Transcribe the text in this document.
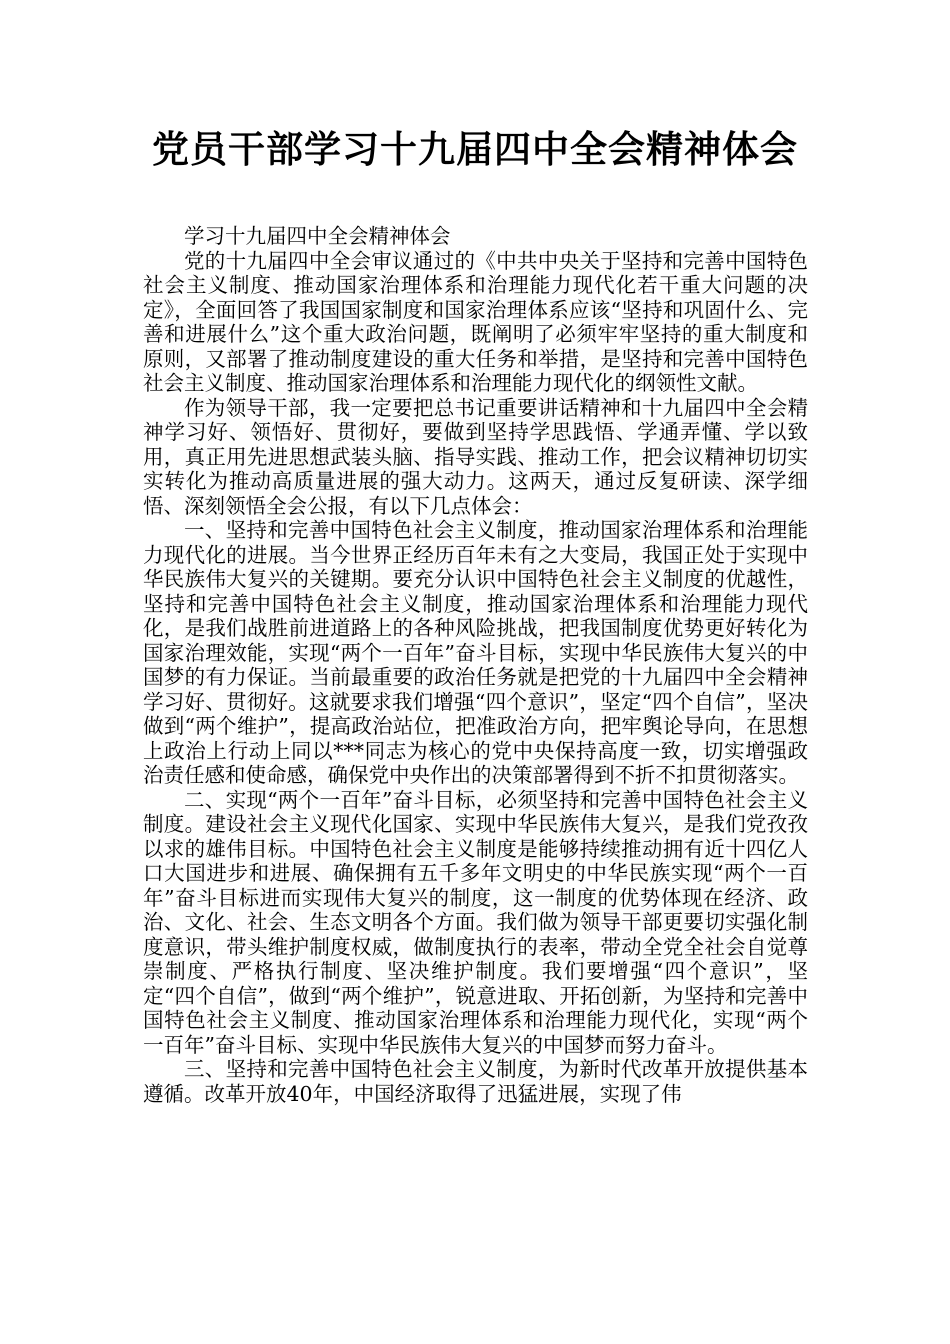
党员干部学习十九届四中全会精神体会

学习十九届四中全会精神体会

党的十九届四中全会审议通过的《中共中央关于坚持和完善中国特色社会主义制度、推动国家治理体系和治理能力现代化若干重大问题的决定》，全面回答了我国国家制度和国家治理体系应该“坚持和巩固什么、完善和进展什么”这个重大政治问题，既阐明了必须牢牢坚持的重大制度和原则，又部署了推动制度建设的重大任务和举措，是坚持和完善中国特色社会主义制度、推动国家治理体系和治理能力现代化的纲领性文献。

作为领导干部，我一定要把总书记重要讲话精神和十九届四中全会精神学习好、领悟好、贯彻好，要做到坚持学思践悟、学通弄懂、学以致用，真正用先进思想武装头脑、指导实践、推动工作，把会议精神切切实实转化为推动高质量进展的强大动力。这两天，通过反复研读、深学细悟、深刻领悟全会公报，有以下几点体会：

一、坚持和完善中国特色社会主义制度，推动国家治理体系和治理能力现代化的进展。当今世界正经历百年未有之大变局，我国正处于实现中华民族伟大复兴的关键期。要充分认识中国特色社会主义制度的优越性，坚持和完善中国特色社会主义制度，推动国家治理体系和治理能力现代化，是我们战胜前进道路上的各种风险挑战，把我国制度优势更好转化为国家治理效能，实现“两个一百年”奋斗目标，实现中华民族伟大复兴的中国梦的有力保证。当前最重要的政治任务就是把党的十九届四中全会精神学习好、贯彻好。这就要求我们增强“四个意识”，坚定“四个自信”，坚决做到“两个维护”，提高政治站位，把准政治方向，把牢舆论导向，在思想上政治上行动上同以***同志为核心的党中央保持高度一致，切实增强政治责任感和使命感，确保党中央作出的决策部署得到不折不扣贯彻落实。

二、实现“两个一百年”奋斗目标，必须坚持和完善中国特色社会主义制度。建设社会主义现代化国家、实现中华民族伟大复兴，是我们党孜孜以求的雄伟目标。中国特色社会主义制度是能够持续推动拥有近十四亿人口大国进步和进展、确保拥有五千多年文明史的中华民族实现“两个一百年”奋斗目标进而实现伟大复兴的制度，这一制度的优势体现在经济、政治、文化、社会、生态文明各个方面。我们做为领导干部更要切实强化制度意识，带头维护制度权威，做制度执行的表率，带动全党全社会自觉尊崇制度、严格执行制度、坚决维护制度。我们要增强“四个意识”，坚定“四个自信”，做到“两个维护”，锐意进取、开拓创新，为坚持和完善中国特色社会主义制度、推动国家治理体系和治理能力现代化，实现“两个一百年”奋斗目标、实现中华民族伟大复兴的中国梦而努力奋斗。

三、坚持和完善中国特色社会主义制度，为新时代改革开放提供基本遵循。改革开放40年，中国经济取得了迅猛进展，实现了伟
